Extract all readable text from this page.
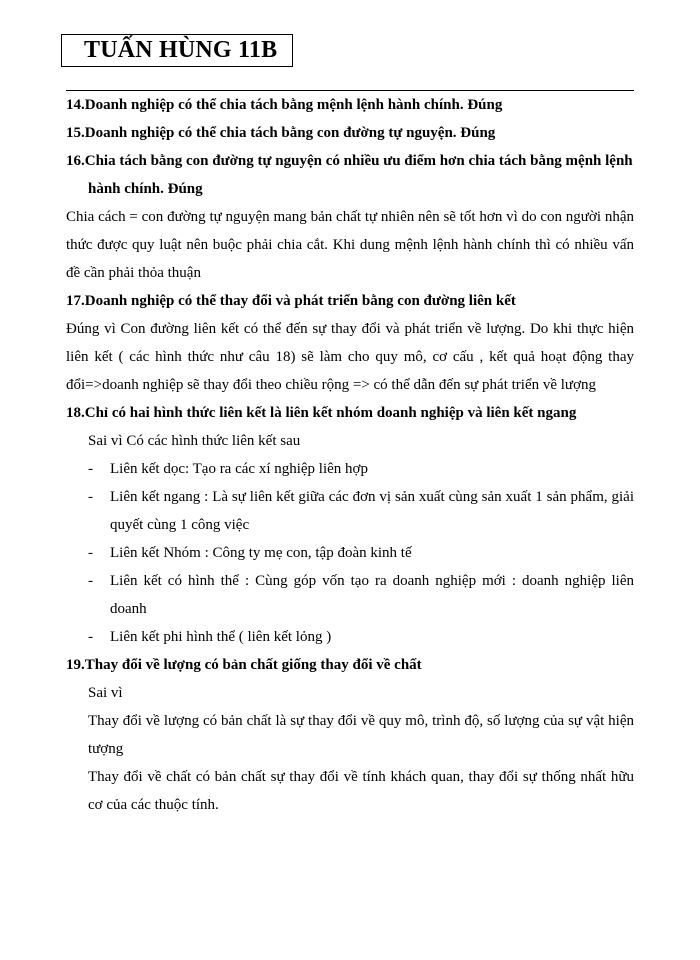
TUẤN HÙNG 11B

14.Doanh nghiệp có thể chia tách bằng mệnh lệnh hành chính. Đúng

15.Doanh nghiệp có thể chia tách bằng con đường tự nguyện. Đúng

16.Chia tách bằng con đường tự nguyện có nhiều ưu điểm hơn chia tách bằng mệnh lệnh hành chính. Đúng

Chia cách = con đường tự nguyện mang bản chất tự nhiên nên sẽ tốt hơn vì do con người nhận thức được quy luật nên buộc phải chia cắt. Khi dung mệnh lệnh hành chính thì có nhiều vấn đề cần phải thỏa thuận

17.Doanh nghiệp có thể thay đổi và phát triển bằng con đường liên kết

Đúng vì Con đường liên kết có thể đến sự thay đổi và phát triển về lượng. Do khi thực hiện liên kết ( các hình thức như câu 18) sẽ làm cho quy mô, cơ cấu , kết quả hoạt động thay đổi=>doanh nghiệp sẽ thay đổi theo chiều rộng => có thể dẫn đến sự phát triển về lượng

18.Chỉ có hai hình thức liên kết là liên kết nhóm doanh nghiệp và liên kết ngang

Sai vì Có các hình thức liên kết sau

- Liên kết dọc: Tạo ra các xí nghiệp liên hợp
- Liên kết ngang : Là sự liên kết giữa các đơn vị sản xuất cùng sản xuất 1 sản phẩm, giải quyết cùng 1 công việc
- Liên kết Nhóm : Công ty mẹ con, tập đoàn kinh tế
- Liên kết có hình thể : Cùng góp vốn tạo ra doanh nghiệp mới : doanh nghiệp liên doanh
- Liên kết phi hình thể ( liên kết lỏng )

19.Thay đổi về lượng có bản chất giống thay đổi về chất

Sai vì

Thay đổi về lượng có bản chất là sự thay đổi về quy mô, trình độ, số lượng của sự vật hiện tượng

Thay đổi về chất có bản chất sự thay đổi về tính khách quan, thay đổi sự thống nhất hữu cơ của các thuộc tính.
